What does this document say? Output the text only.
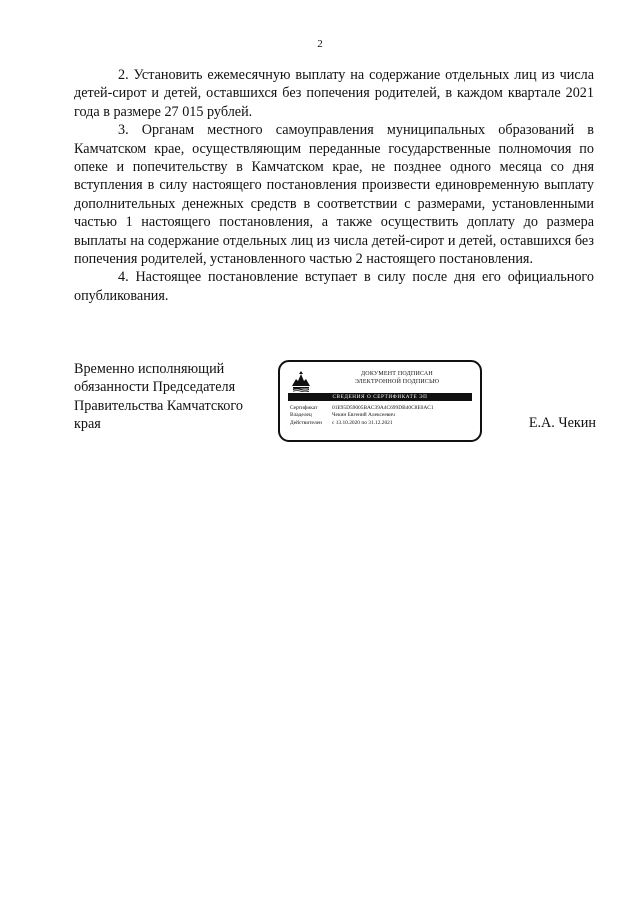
2

2. Установить ежемесячную выплату на содержание отдельных лиц из числа детей-сирот и детей, оставшихся без попечения родителей, в каждом квартале 2021 года в размере 27 015 рублей.

3. Органам местного самоуправления муниципальных образований в Камчатском крае, осуществляющим переданные государственные полномочия по опеке и попечительству в Камчатском крае, не позднее одного месяца со дня вступления в силу настоящего постановления произвести единовременную выплату дополнительных денежных средств в соответствии с размерами, установленными частью 1 настоящего постановления, а также осуществить доплату до размера выплаты на содержание отдельных лиц из числа детей-сирот и детей, оставшихся без попечения родителей, установленного частью 2 настоящего постановления.

4. Настоящее постановление вступает в силу после дня его официального опубликования.

Временно исполняющий
обязанности Председателя
Правительства Камчатского
края
ДОКУМЕНТ ПОДПИСАН
ЭЛЕКТРОННОЙ ПОДПИСЬЮ
СВЕДЕНИЯ О СЕРТИФИКАТЕ ЭП
Сертификат	01E95D59005BAC39A4C699DB40C8E0AC1
Владелец	Чекин Евгений Алексеевич
Действителен	с 13.10.2020 по 31.12.2021	Е.А. Чекин
